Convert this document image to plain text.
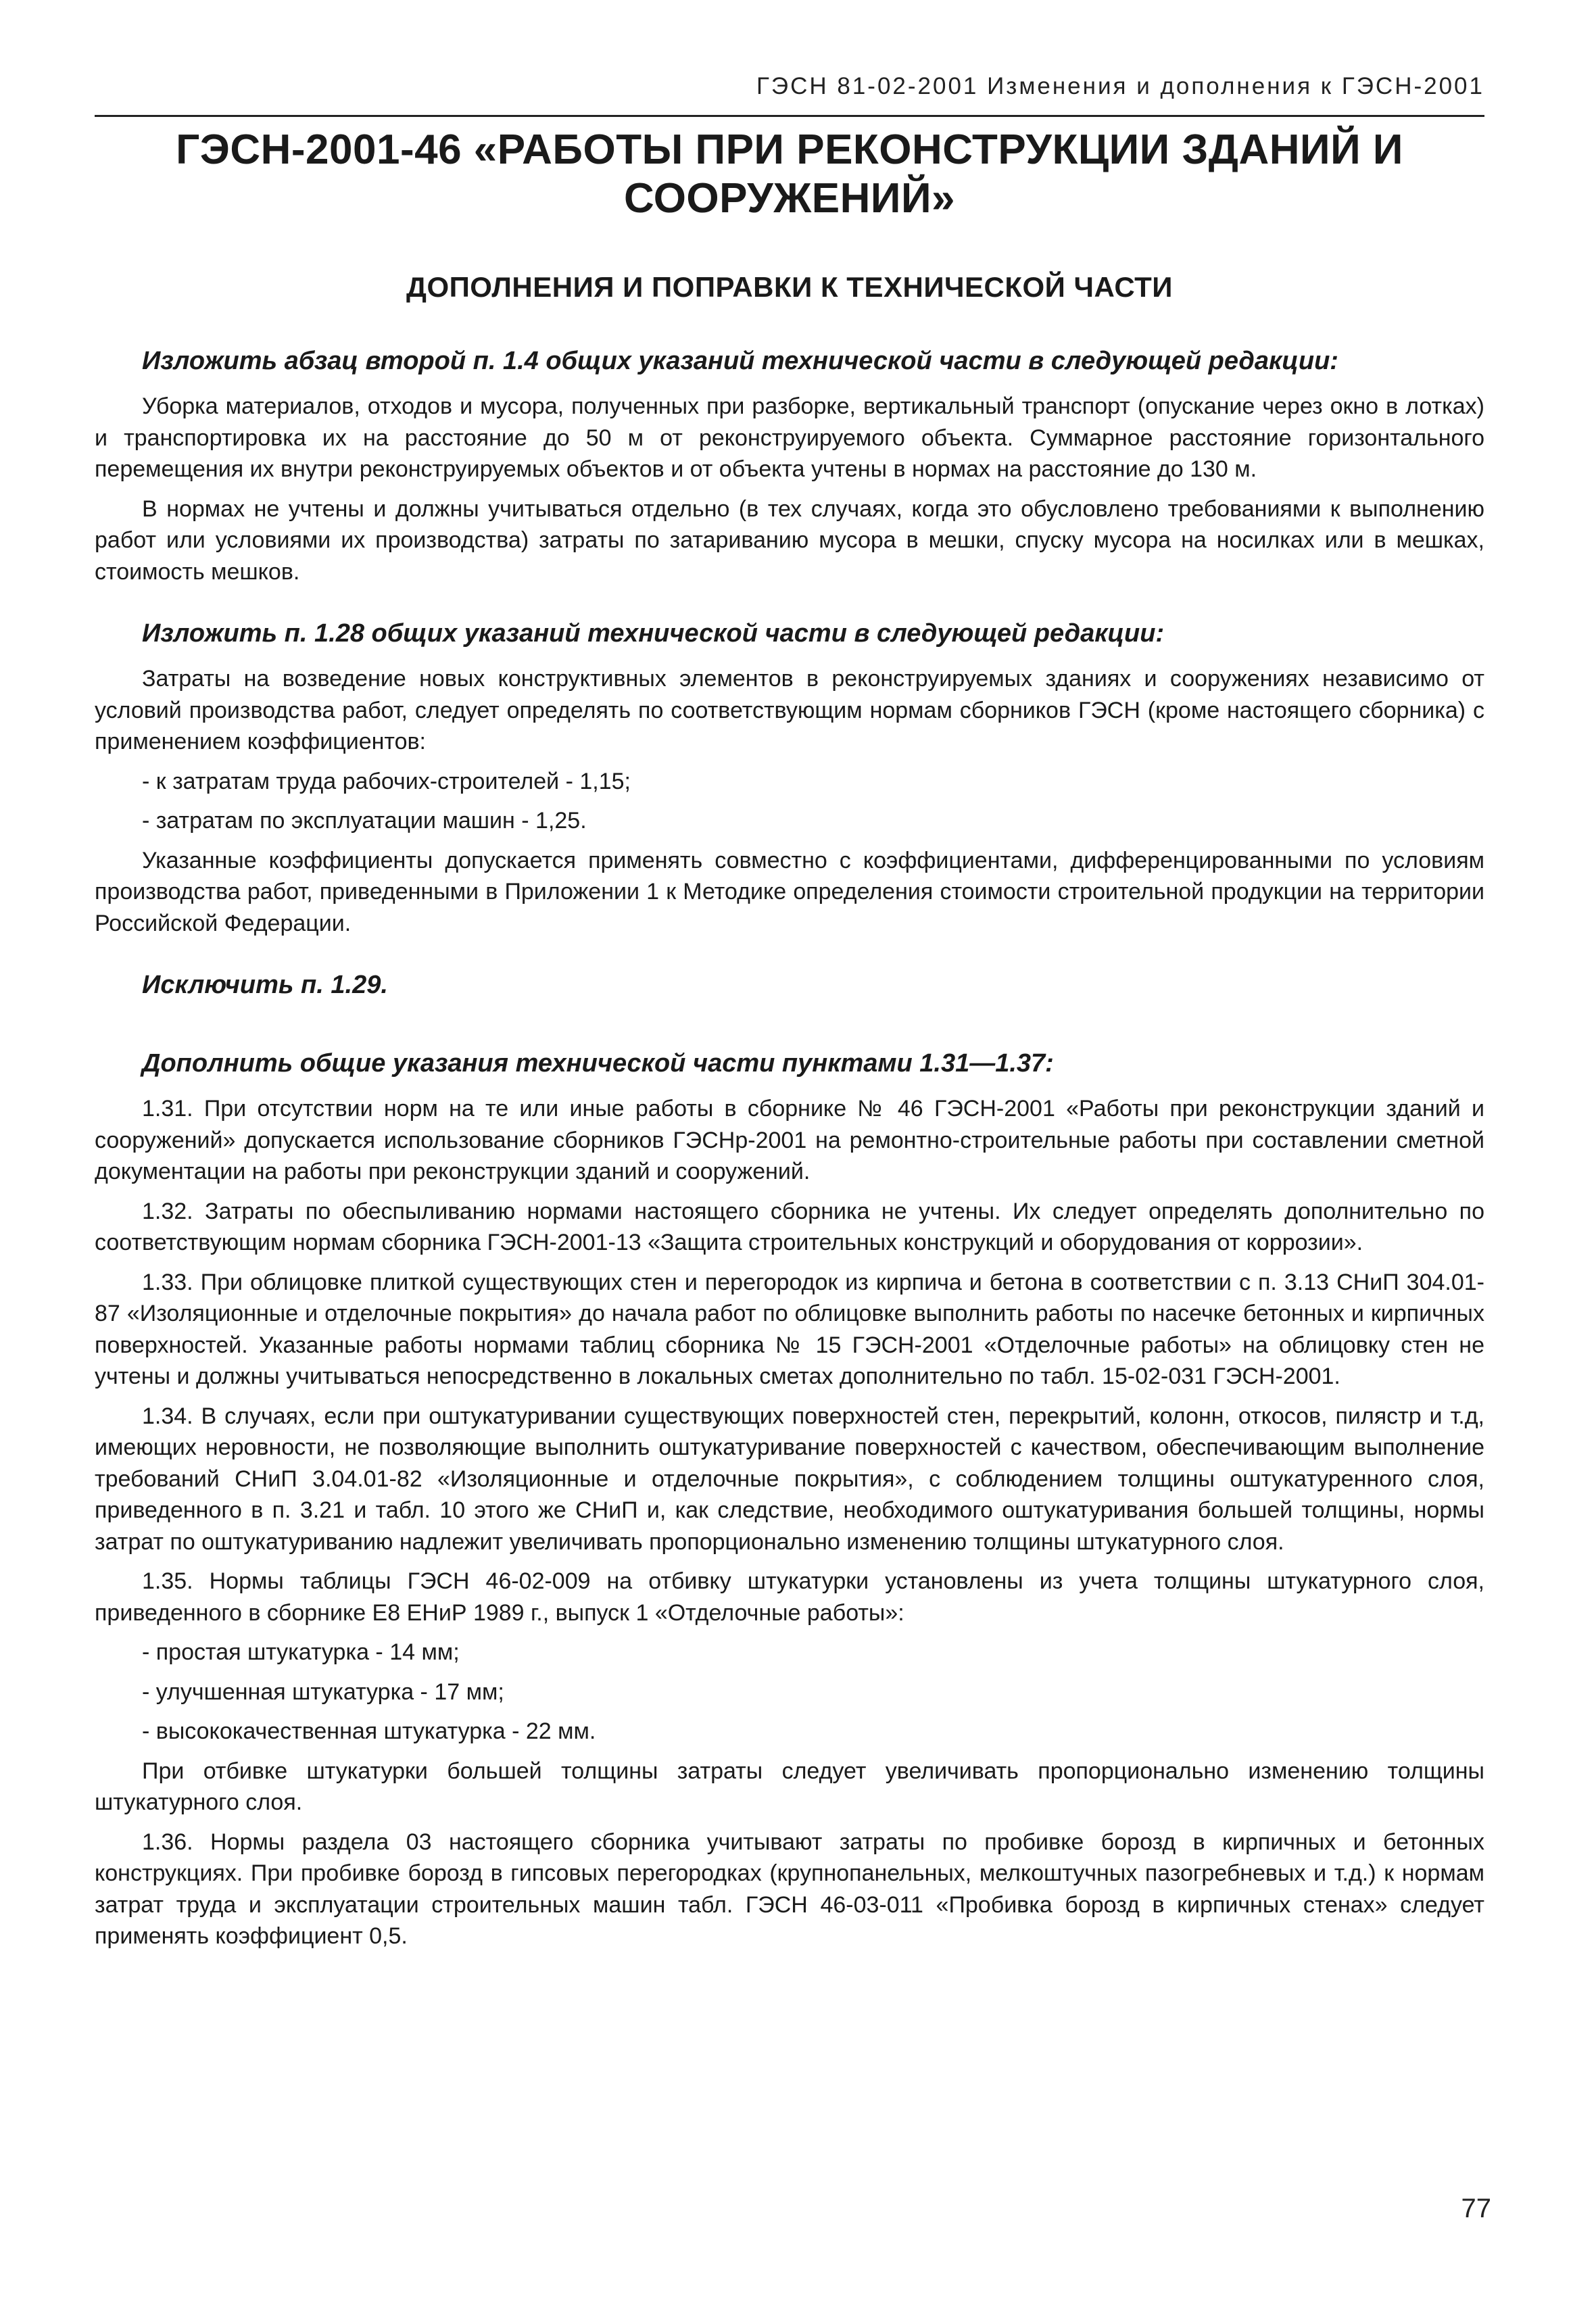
ГЭСН 81-02-2001 Изменения и дополнения к ГЭСН-2001
ГЭСН-2001-46 «РАБОТЫ ПРИ РЕКОНСТРУКЦИИ ЗДАНИЙ И СООРУЖЕНИЙ»
ДОПОЛНЕНИЯ И ПОПРАВКИ К ТЕХНИЧЕСКОЙ ЧАСТИ
Изложить абзац второй п. 1.4 общих указаний технической части в следующей редакции:

Уборка материалов, отходов и мусора, полученных при разборке, вертикальный транспорт (опускание через окно в лотках) и транспортировка их на расстояние до 50 м от реконструируемого объекта. Суммарное расстояние горизонтального перемещения их внутри реконструируемых объектов и от объекта учтены в нормах на расстояние до 130 м.

В нормах не учтены и должны учитываться отдельно (в тех случаях, когда это обусловлено требованиями к выполнению работ или условиями их производства) затраты по затариванию мусора в мешки, спуску мусора на носилках или в мешках, стоимость мешков.

Изложить п. 1.28 общих указаний технической части в следующей редакции:

Затраты на возведение новых конструктивных элементов в реконструируемых зданиях и сооружениях независимо от условий производства работ, следует определять по соответствующим нормам сборников ГЭСН (кроме настоящего сборника) с применением коэффициентов:

- к затратам труда рабочих-строителей - 1,15;
- затратам по эксплуатации машин - 1,25.

Указанные коэффициенты допускается применять совместно с коэффициентами, дифференцированными по условиям производства работ, приведенными в Приложении 1 к Методике определения стоимости строительной продукции на территории Российской Федерации.

Исключить п. 1.29.
Дополнить общие указания технической части пунктами 1.31—1.37:

1.31. При отсутствии норм на те или иные работы в сборнике № 46 ГЭСН-2001 «Работы при реконструкции зданий и сооружений» допускается использование сборников ГЭСНр-2001 на ремонтно-строительные работы при составлении сметной документации на работы при реконструкции зданий и сооружений.

1.32. Затраты по обеспыливанию нормами настоящего сборника не учтены. Их следует определять дополнительно по соответствующим нормам сборника ГЭСН-2001-13 «Защита строительных конструкций и оборудования от коррозии».

1.33. При облицовке плиткой существующих стен и перегородок из кирпича и бетона в соответствии с п. 3.13 СНиП 304.01-87 «Изоляционные и отделочные покрытия» до начала работ по облицовке выполнить работы по насечке бетонных и кирпичных поверхностей. Указанные работы нормами таблиц сборника № 15 ГЭСН-2001 «Отделочные работы» на облицовку стен не учтены и должны учитываться непосредственно в локальных сметах дополнительно по табл. 15-02-031 ГЭСН-2001.

1.34. В случаях, если при оштукатуривании существующих поверхностей стен, перекрытий, колонн, откосов, пилястр и т.д, имеющих неровности, не позволяющие выполнить оштукатуривание поверхностей с качеством, обеспечивающим выполнение требований СНиП 3.04.01-82 «Изоляционные и отделочные покрытия», с соблюдением толщины оштукатуренного слоя, приведенного в п. 3.21 и табл. 10 этого же СНиП и, как следствие, необходимого оштукатуривания большей толщины, нормы затрат по оштукатуриванию надлежит увеличивать пропорционально изменению толщины штукатурного слоя.

1.35. Нормы таблицы ГЭСН 46-02-009 на отбивку штукатурки установлены из учета толщины штукатурного слоя, приведенного в сборнике Е8 ЕНиР 1989 г., выпуск 1 «Отделочные работы»:

- простая штукатурка - 14 мм;
- улучшенная штукатурка - 17 мм;
- высококачественная штукатурка - 22 мм.

При отбивке штукатурки большей толщины затраты следует увеличивать пропорционально изменению толщины штукатурного слоя.

1.36. Нормы раздела 03 настоящего сборника учитывают затраты по пробивке борозд в кирпичных и бетонных конструкциях. При пробивке борозд в гипсовых перегородках (крупнопанельных, мелкоштучных пазогребневых и т.д.) к нормам затрат труда и эксплуатации строительных машин табл. ГЭСН 46-03-011 «Пробивка борозд в кирпичных стенах» следует применять коэффициент 0,5.

77
